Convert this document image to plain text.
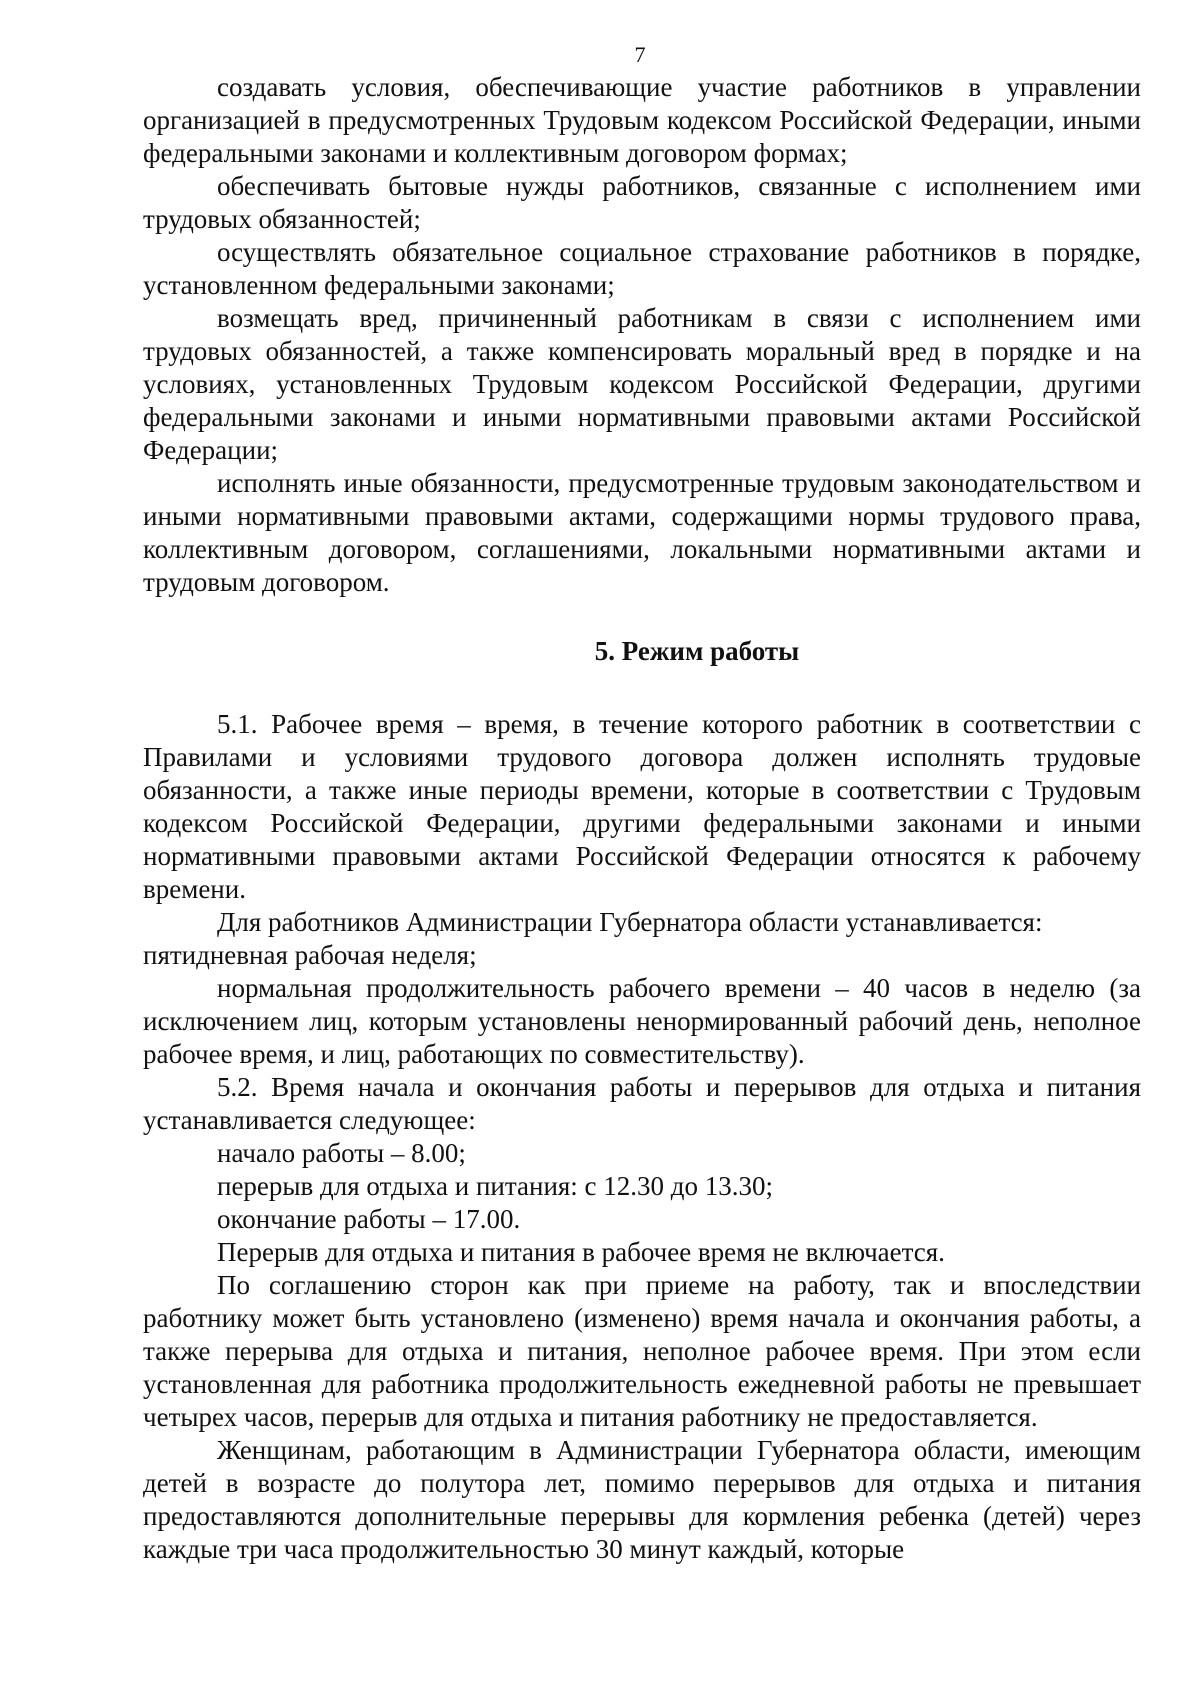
7

создавать условия, обеспечивающие участие работников в управлении организацией в предусмотренных Трудовым кодексом Российской Федерации, иными федеральными законами и коллективным договором формах;

обеспечивать бытовые нужды работников, связанные с исполнением ими трудовых обязанностей;

осуществлять обязательное социальное страхование работников в порядке, установленном федеральными законами;

возмещать вред, причиненный работникам в связи с исполнением ими трудовых обязанностей, а также компенсировать моральный вред в порядке и на условиях, установленных Трудовым кодексом Российской Федерации, другими федеральными законами и иными нормативными правовыми актами Российской Федерации;

исполнять иные обязанности, предусмотренные трудовым законодательством и иными нормативными правовыми актами, содержащими нормы трудового права, коллективным договором, соглашениями, локальными нормативными актами и трудовым договором.

5. Режим работы

5.1. Рабочее время – время, в течение которого работник в соответствии с Правилами и условиями трудового договора должен исполнять трудовые обязанности, а также иные периоды времени, которые в соответствии с Трудовым кодексом Российской Федерации, другими федеральными законами и иными нормативными правовыми актами Российской Федерации относятся к рабочему времени.

Для работников Администрации Губернатора области устанавливается:

пятидневная рабочая неделя;

нормальная продолжительность рабочего времени – 40 часов в неделю (за исключением лиц, которым установлены ненормированный рабочий день, неполное рабочее время, и лиц, работающих по совместительству).

5.2. Время начала и окончания работы и перерывов для отдыха и питания устанавливается следующее:

начало работы – 8.00;

перерыв для отдыха и питания: с 12.30 до 13.30;

окончание работы – 17.00.

Перерыв для отдыха и питания в рабочее время не включается.

По соглашению сторон как при приеме на работу, так и впоследствии работнику может быть установлено (изменено) время начала и окончания работы, а также перерыва для отдыха и питания, неполное рабочее время. При этом если установленная для работника продолжительность ежедневной работы не превышает четырех часов, перерыв для отдыха и питания работнику не предоставляется.

Женщинам, работающим в Администрации Губернатора области, имеющим детей в возрасте до полутора лет, помимо перерывов для отдыха и питания предоставляются дополнительные перерывы для кормления ребенка (детей) через каждые три часа продолжительностью 30 минут каждый, которые
